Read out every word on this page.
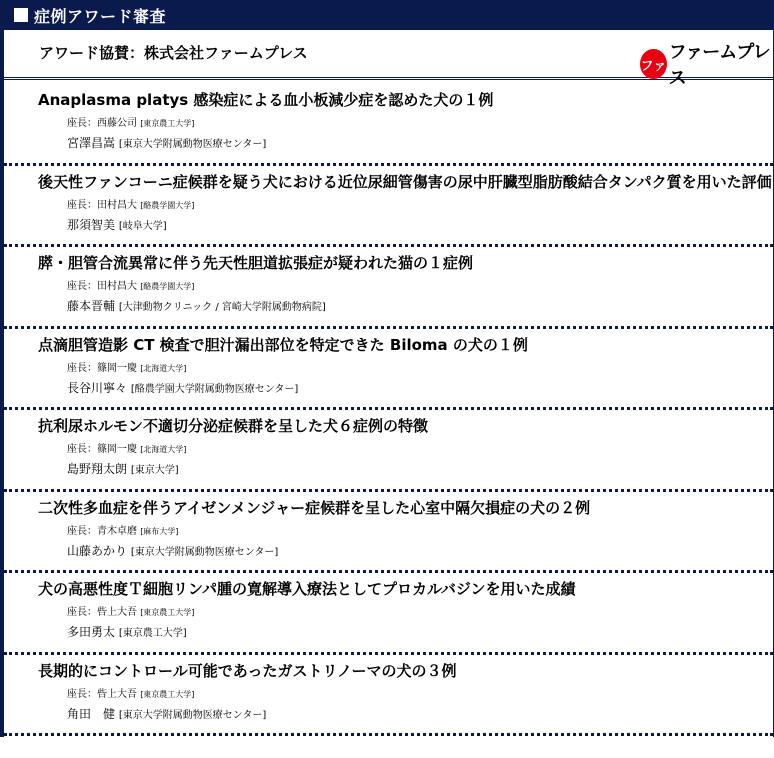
症例アワード審査
アワード協賛：株式会社ファームプレス
ファ
ファームプレス
Anaplasma platys 感染症による血小板減少症を認めた犬の１例
座長：西藤公司 [東京農工大学]
宮澤昌嵩 [東京大学附属動物医療センター]
後天性ファンコーニ症候群を疑う犬における近位尿細管傷害の尿中肝臓型脂肪酸結合タンパク質を用いた評価
座長：田村昌大 [酪農学園大学]
那須智美 [岐阜大学]
膵・胆管合流異常に伴う先天性胆道拡張症が疑われた猫の１症例
座長：田村昌大 [酪農学園大学]
藤本晋輔 [大津動物クリニック / 宮崎大学附属動物病院]
点滴胆管造影 CT 検査で胆汁漏出部位を特定できた Biloma の犬の１例
座長：篠岡一慶 [北海道大学]
長谷川寧々 [酪農学園大学附属動物医療センター]
抗利尿ホルモン不適切分泌症候群を呈した犬６症例の特徴
座長：篠岡一慶 [北海道大学]
島野翔太朗 [東京大学]
二次性多血症を伴うアイゼンメンジャー症候群を呈した心室中隔欠損症の犬の２例
座長：青木卓磨 [麻布大学]
山藤あかり [東京大学附属動物医療センター]
犬の高悪性度Ｔ細胞リンパ腫の寛解導入療法としてプロカルバジンを用いた成績
座長：呰上大吾 [東京農工大学]
多田勇太 [東京農工大学]
長期的にコントロール可能であったガストリノーマの犬の３例
座長：呰上大吾 [東京農工大学]
角田　健 [東京大学附属動物医療センター]
